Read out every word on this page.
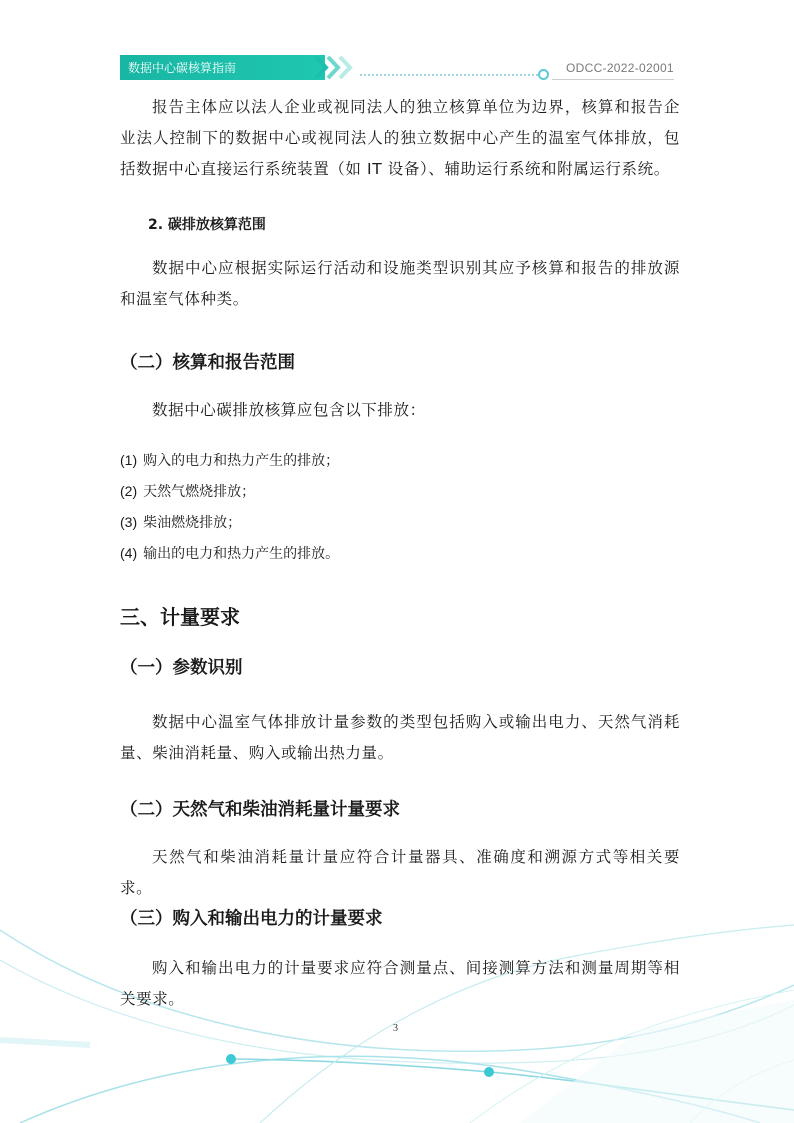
数据中心碳核算指南	ODCC-2022-02001
报告主体应以法人企业或视同法人的独立核算单位为边界，核算和报告企业法人控制下的数据中心或视同法人的独立数据中心产生的温室气体排放，包括数据中心直接运行系统装置（如 IT 设备）、辅助运行系统和附属运行系统。
2. 碳排放核算范围
数据中心应根据实际运行活动和设施类型识别其应予核算和报告的排放源和温室气体种类。
（二）核算和报告范围
数据中心碳排放核算应包含以下排放：
(1) 购入的电力和热力产生的排放；
(2) 天然气燃烧排放；
(3) 柴油燃烧排放；
(4) 输出的电力和热力产生的排放。
三、计量要求
（一）参数识别
数据中心温室气体排放计量参数的类型包括购入或输出电力、天然气消耗量、柴油消耗量、购入或输出热力量。
（二）天然气和柴油消耗量计量要求
天然气和柴油消耗量计量应符合计量器具、准确度和溯源方式等相关要求。
（三）购入和输出电力的计量要求
购入和输出电力的计量要求应符合测量点、间接测算方法和测量周期等相关要求。
3
